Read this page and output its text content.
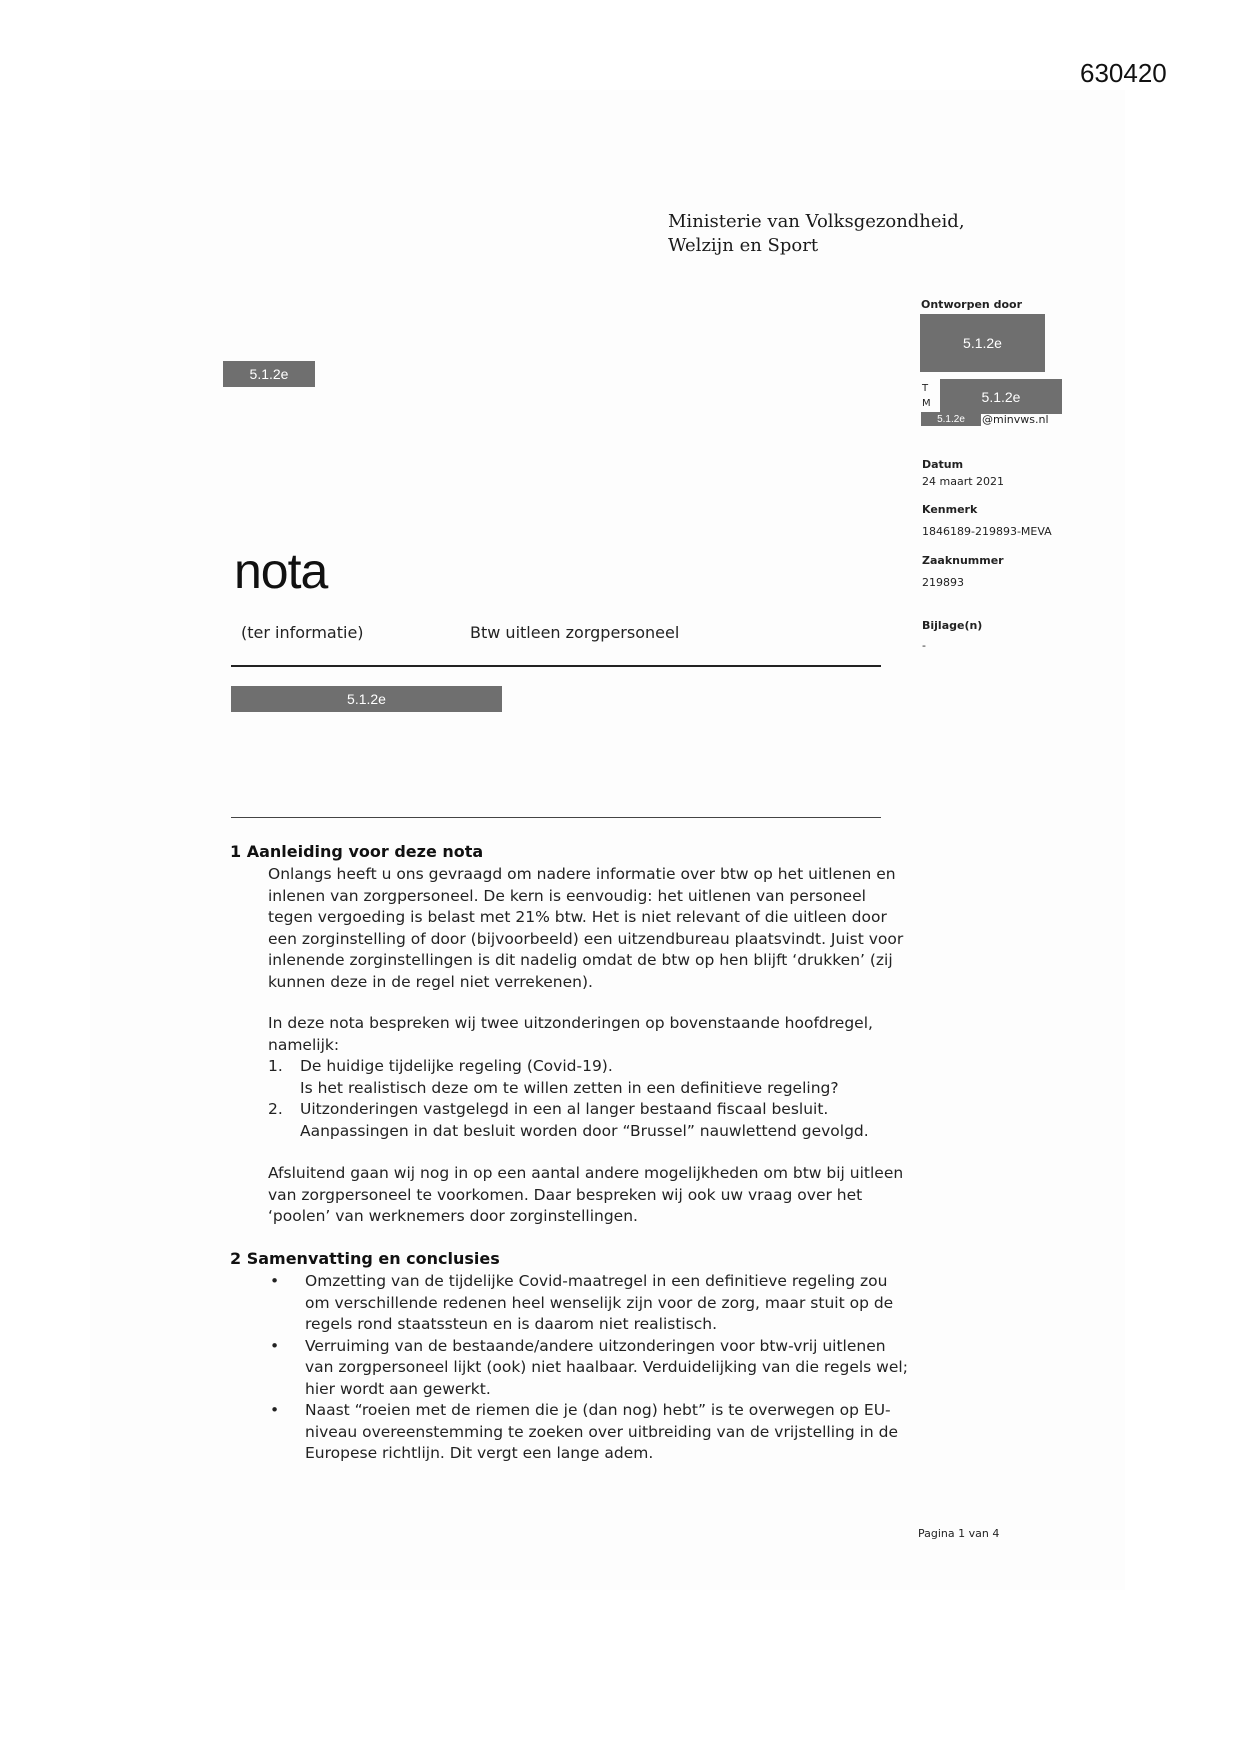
630420
Ministerie van Volksgezondheid,
Welzijn en Sport
Ontworpen door
5.1.2e
T
M	5.1.2e
5.1.2e	@minvws.nl
Datum
24 maart 2021
Kenmerk
1846189-219893-MEVA
Zaaknummer
219893
Bijlage(n)
-
5.1.2e
nota
(ter informatie)	Btw uitleen zorgpersoneel
5.1.2e
1 Aanleiding voor deze nota

Onlangs heeft u ons gevraagd om nadere informatie over btw op het uitlenen en inlenen van zorgpersoneel. De kern is eenvoudig: het uitlenen van personeel tegen vergoeding is belast met 21% btw. Het is niet relevant of die uitleen door een zorginstelling of door (bijvoorbeeld) een uitzendbureau plaatsvindt. Juist voor inlenende zorginstellingen is dit nadelig omdat de btw op hen blijft ‘drukken’ (zij kunnen deze in de regel niet verrekenen).

In deze nota bespreken wij twee uitzonderingen op bovenstaande hoofdregel, namelijk:

1. De huidige tijdelijke regeling (Covid-19).
Is het realistisch deze om te willen zetten in een definitieve regeling?
2. Uitzonderingen vastgelegd in een al langer bestaand fiscaal besluit.
Aanpassingen in dat besluit worden door “Brussel” nauwlettend gevolgd.

Afsluitend gaan wij nog in op een aantal andere mogelijkheden om btw bij uitleen van zorgpersoneel te voorkomen. Daar bespreken wij ook uw vraag over het ‘poolen’ van werknemers door zorginstellingen.

2 Samenvatting en conclusies
• Omzetting van de tijdelijke Covid-maatregel in een definitieve regeling zou om verschillende redenen heel wenselijk zijn voor de zorg, maar stuit op de regels rond staatssteun en is daarom niet realistisch.
• Verruiming van de bestaande/andere uitzonderingen voor btw-vrij uitlenen van zorgpersoneel lijkt (ook) niet haalbaar. Verduidelijking van die regels wel; hier wordt aan gewerkt.
• Naast “roeien met de riemen die je (dan nog) hebt” is te overwegen op EU-niveau overeenstemming te zoeken over uitbreiding van de vrijstelling in de Europese richtlijn. Dit vergt een lange adem.
Pagina 1 van 4
